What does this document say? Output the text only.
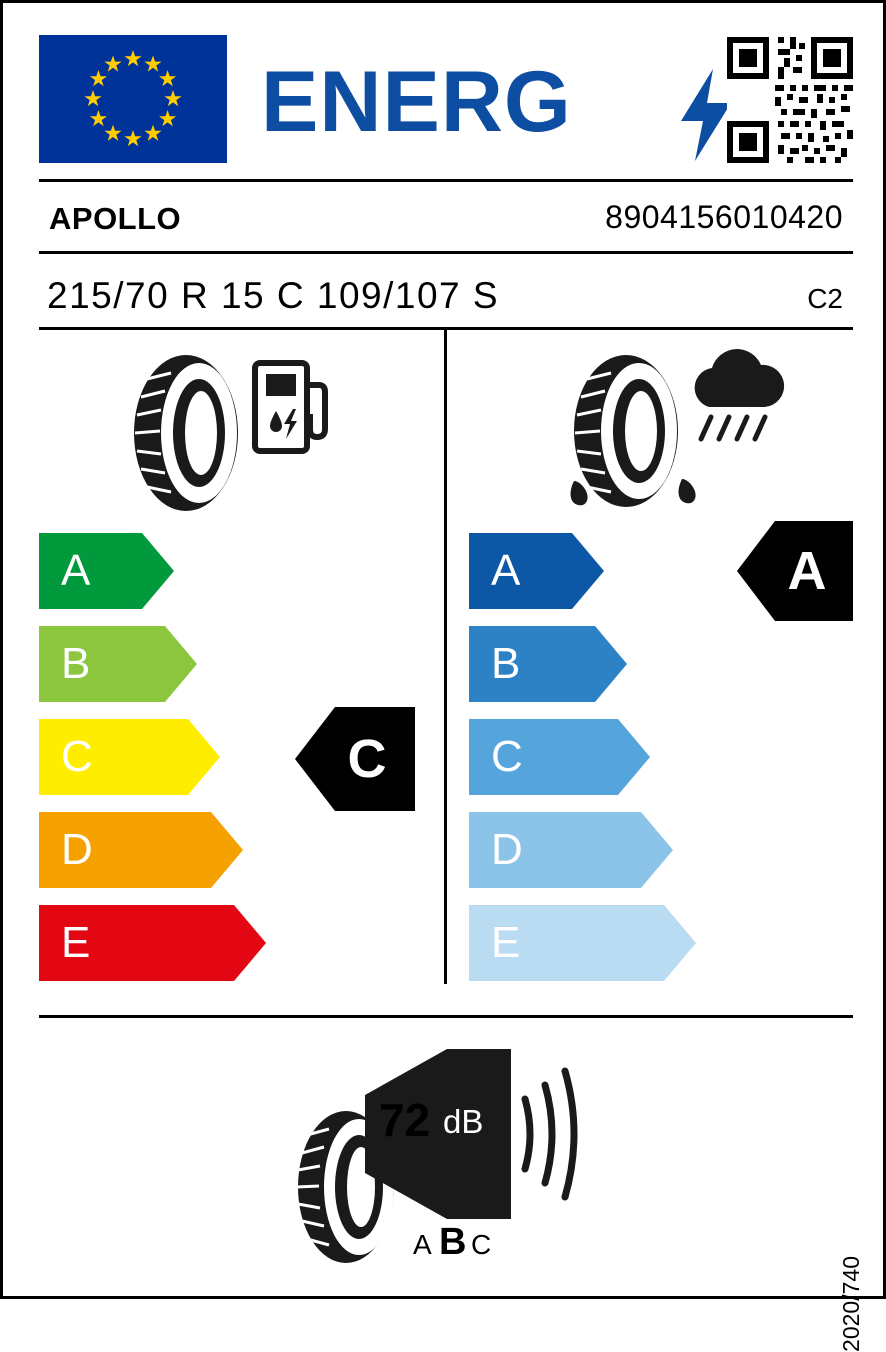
ENERG
APOLLO	8904156010420
215/70 R 15 C 109/107 S	C2
A
B
C
D
E
C
A
B
C
D
E
A
72 dB
A B C
2020/740
